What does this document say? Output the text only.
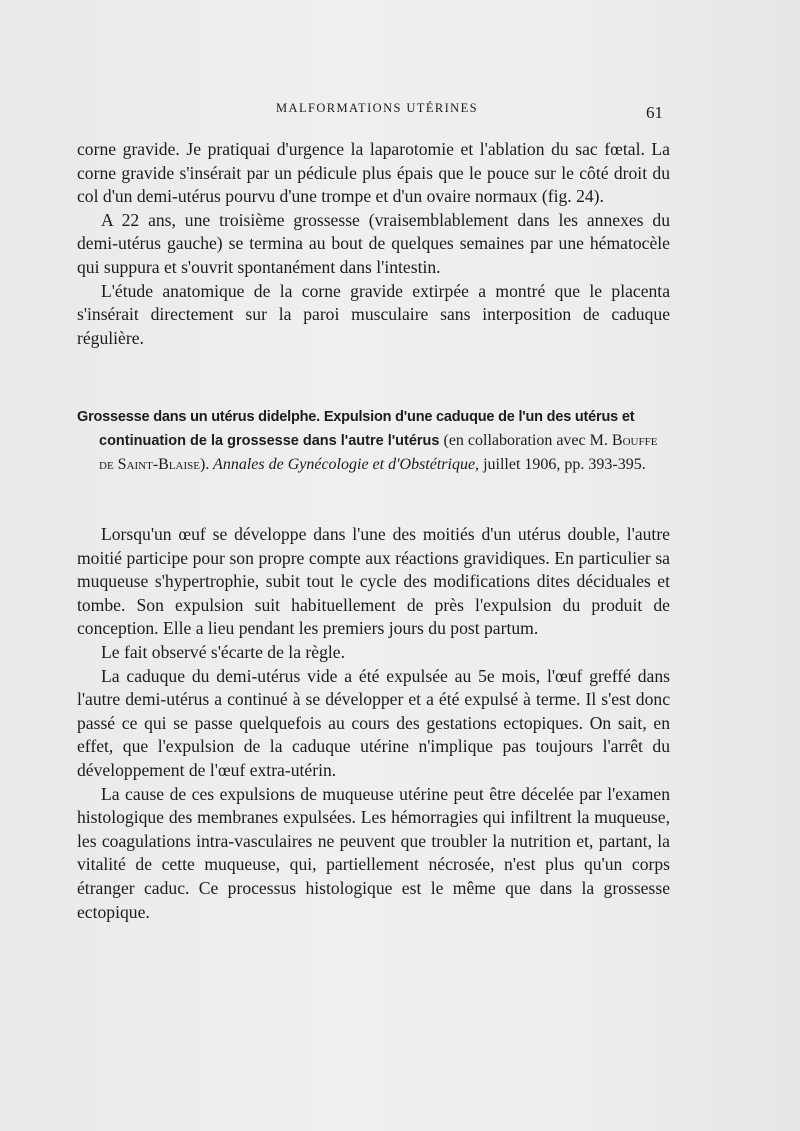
MALFORMATIONS UTÉRINES	61

corne gravide. Je pratiquai d'urgence la laparotomie et l'ablation du sac fœtal. La corne gravide s'insérait par un pédicule plus épais que le pouce sur le côté droit du col d'un demi-utérus pourvu d'une trompe et d'un ovaire normaux (fig. 24).

A 22 ans, une troisième grossesse (vraisemblablement dans les annexes du demi-utérus gauche) se termina au bout de quelques semaines par une hématocèle qui suppura et s'ouvrit spontanément dans l'intestin.

L'étude anatomique de la corne gravide extirpée a montré que le placenta s'insérait directement sur la paroi musculaire sans interposition de caduque régulière.

Grossesse dans un utérus didelphe. Expulsion d'une caduque de l'un des utérus et
continuation de la grossesse dans l'autre l'utérus (en collaboration avec M. Bouffe de Saint-Blaise). Annales de Gynécologie et d'Obstétrique, juillet 1906, pp. 393-395.

Lorsqu'un œuf se développe dans l'une des moitiés d'un utérus double, l'autre moitié participe pour son propre compte aux réactions gravidiques. En particulier sa muqueuse s'hypertrophie, subit tout le cycle des modifications dites déciduales et tombe. Son expulsion suit habituellement de près l'expulsion du produit de conception. Elle a lieu pendant les premiers jours du post partum.

Le fait observé s'écarte de la règle.

La caduque du demi-utérus vide a été expulsée au 5e mois, l'œuf greffé dans l'autre demi-utérus a continué à se développer et a été expulsé à terme. Il s'est donc passé ce qui se passe quelquefois au cours des gestations ectopiques. On sait, en effet, que l'expulsion de la caduque utérine n'implique pas toujours l'arrêt du développement de l'œuf extra-utérin.

La cause de ces expulsions de muqueuse utérine peut être décelée par l'examen histologique des membranes expulsées. Les hémorragies qui infiltrent la muqueuse, les coagulations intra-vasculaires ne peuvent que troubler la nutrition et, partant, la vitalité de cette muqueuse, qui, partiellement nécrosée, n'est plus qu'un corps étranger caduc. Ce processus histologique est le même que dans la grossesse ectopique.
